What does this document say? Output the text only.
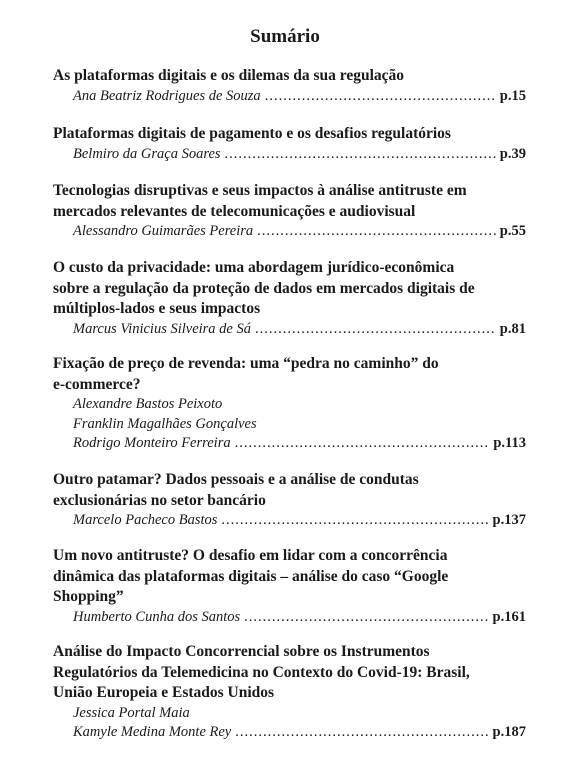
Sumário
As plataformas digitais e os dilemas da sua regulação
Ana Beatriz Rodrigues de Souza .....	p.15
Plataformas digitais de pagamento e os desafios regulatórios
Belmiro da Graça Soares .....	p.39
Tecnologias disruptivas e seus impactos à análise antitruste em
mercados relevantes de telecomunicações e audiovisual
Alessandro Guimarães Pereira .....	p.55
O custo da privacidade: uma abordagem jurídico-econômica
sobre a regulação da proteção de dados em mercados digitais de
múltiplos-lados e seus impactos
Marcus Vinicius Silveira de Sá .....	p.81
Fixação de preço de revenda: uma “pedra no caminho” do
e-commerce?
Alexandre Bastos Peixoto
Franklin Magalhães Gonçalves
Rodrigo Monteiro Ferreira .....	p.113
Outro patamar? Dados pessoais e a análise de condutas
exclusionárias no setor bancário
Marcelo Pacheco Bastos .....	p.137
Um novo antitruste? O desafio em lidar com a concorrência
dinâmica das plataformas digitais – análise do caso “Google
Shopping”
Humberto Cunha dos Santos .....	p.161
Análise do Impacto Concorrencial sobre os Instrumentos
Regulatórios da Telemedicina no Contexto do Covid-19: Brasil,
União Europeia e Estados Unidos
Jessica Portal Maia
Kamyle Medina Monte Rey .....	p.187
